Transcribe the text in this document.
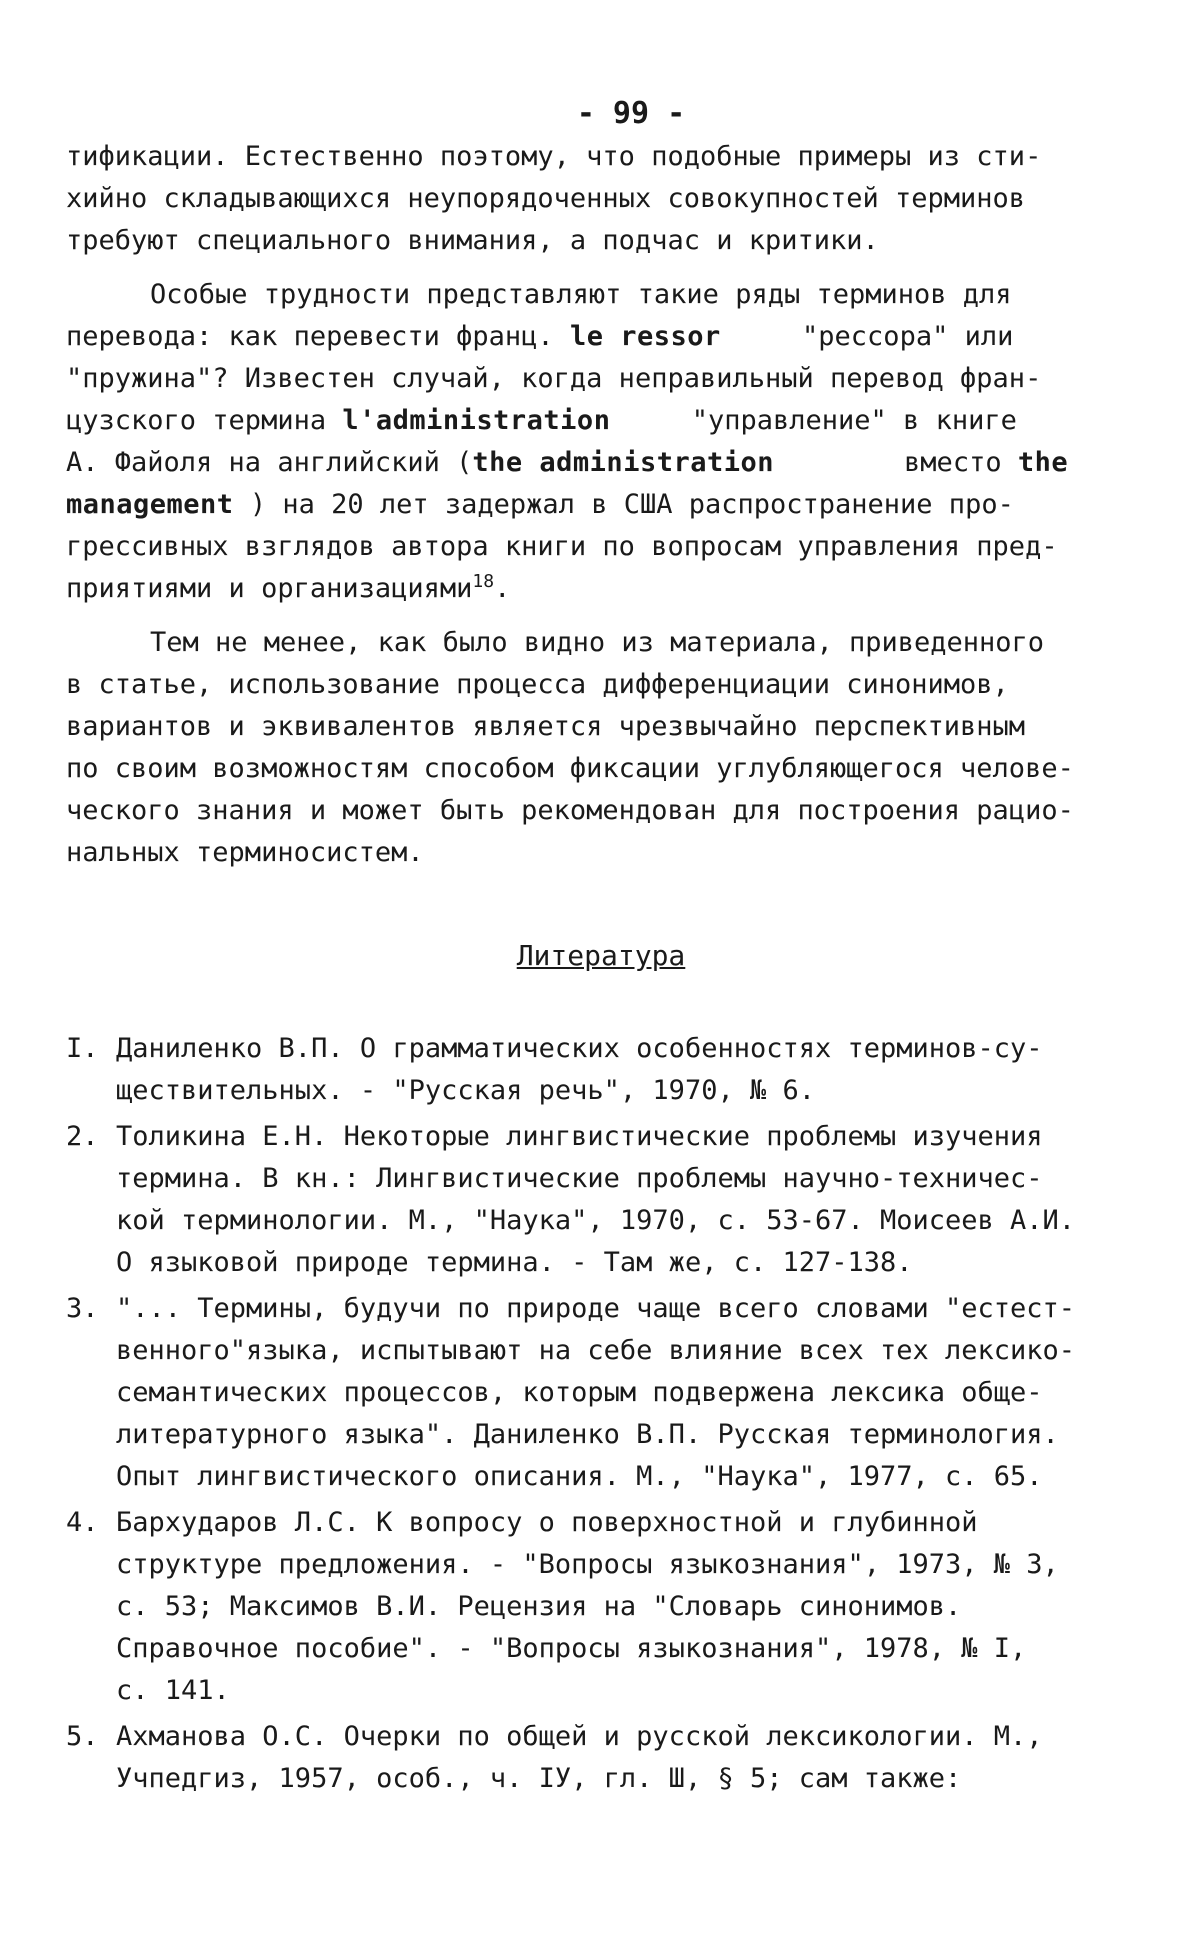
- 99 -
тификации. Естественно поэтому, что подобные примеры из сти-
хийно складывающихся неупорядоченных совокупностей терминов
требуют специального внимания, а подчас и критики.
Особые трудности представляют такие ряды терминов для
перевода: как перевести франц. le ressor	"рессора" или
"пружина"? Известен случай, когда неправильный перевод фран-
цузского термина l'administration	"управление" в книге
А. Файоля на английский (the administration	вместо the
management ) на 20 лет задержал в США распространение про-
грессивных взглядов автора книги по вопросам управления пред-
приятиями и организациями$^{18}$.
Тем не менее, как было видно из материала, приведенного
в статье, использование процесса дифференциации синонимов,
вариантов и эквивалентов является чрезвычайно перспективным
по своим возможностям способом фиксации углубляющегося челове-
ческого знания и может быть рекомендован для построения рацио-
нальных терминосистем.
Литература
I. Даниленко В.П. О грамматических особенностях терминов-су-
ществительных. - "Русская речь", 1970, № 6.
2. Толикина Е.Н. Некоторые лингвистические проблемы изучения
термина. В кн.: Лингвистические проблемы научно-техничес-
кой терминологии. М., "Наука", 1970, с. 53-67. Моисеев А.И.
О языковой природе термина. - Там же, с. 127-138.
3. "... Термины, будучи по природе чаще всего словами "естест-
венного"языка, испытывают на себе влияние всех тех лексико-
семантических процессов, которым подвержена лексика обще-
литературного языка". Даниленко В.П. Русская терминология.
Опыт лингвистического описания. М., "Наука", 1977, с. 65.
4. Бархударов Л.С. К вопросу о поверхностной и глубинной
структуре предложения. - "Вопросы языкознания", 1973, № 3,
с. 53; Максимов В.И. Рецензия на "Словарь синонимов.
Справочное пособие". - "Вопросы языкознания", 1978, № I,
с. 141.
5. Ахманова О.С. Очерки по общей и русской лексикологии. М.,
Учпедгиз, 1957, особ., ч. IУ, гл. Ш, § 5; сам также:
